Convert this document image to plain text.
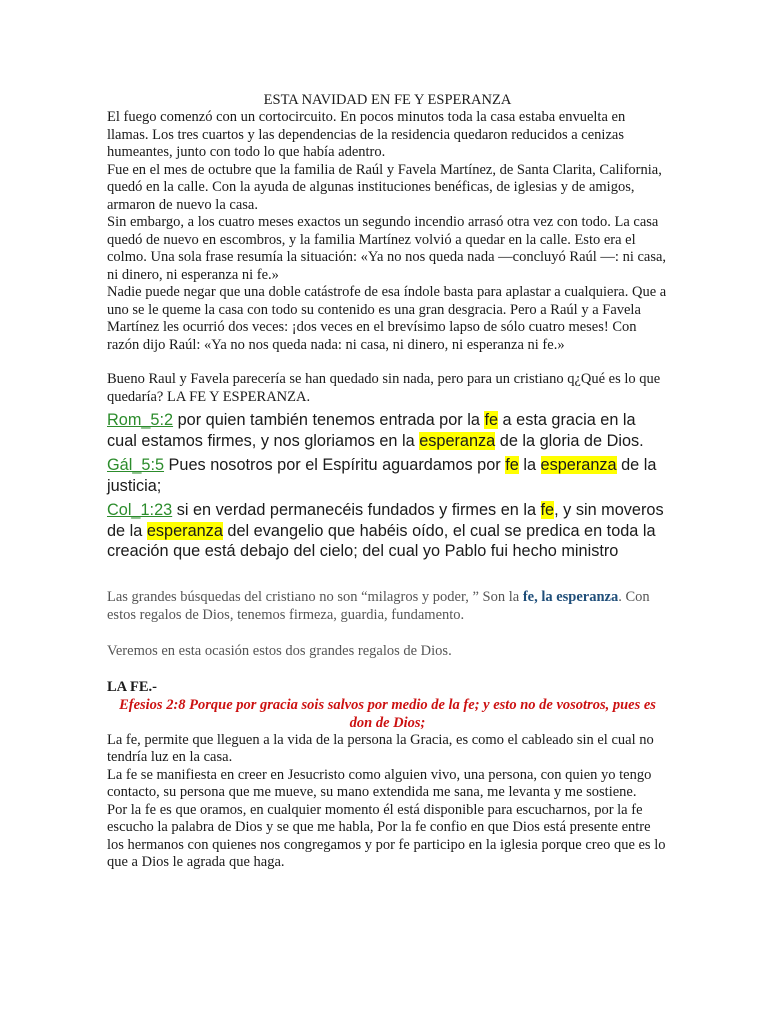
ESTA NAVIDAD EN FE Y ESPERANZA

El fuego comenzó con un cortocircuito. En pocos minutos toda la casa estaba envuelta en llamas. Los tres cuartos y las dependencias de la residencia quedaron reducidos a cenizas humeantes, junto con todo lo que había adentro.

Fue en el mes de octubre que la familia de Raúl y Favela Martínez, de Santa Clarita, California, quedó en la calle. Con la ayuda de algunas instituciones benéficas, de iglesias y de amigos, armaron de nuevo la casa.

Sin embargo, a los cuatro meses exactos un segundo incendio arrasó otra vez con todo. La casa quedó de nuevo en escombros, y la familia Martínez volvió a quedar en la calle. Esto era el colmo. Una sola frase resumía la situación: «Ya no nos queda nada —concluyó Raúl —: ni casa, ni dinero, ni esperanza ni fe.»

Nadie puede negar que una doble catástrofe de esa índole basta para aplastar a cualquiera. Que a uno se le queme la casa con todo su contenido es una gran desgracia. Pero a Raúl y a Favela Martínez les ocurrió dos veces: ¡dos veces en el brevísimo lapso de sólo cuatro meses! Con razón dijo Raúl: «Ya no nos queda nada: ni casa, ni dinero, ni esperanza ni fe.»

Bueno Raul y Favela parecería se han quedado sin nada, pero para un cristiano q¿Qué es lo que quedaría? LA FE Y ESPERANZA.

Rom_5:2 por quien también tenemos entrada por la fe a esta gracia en la cual estamos firmes, y nos gloriamos en la esperanza de la gloria de Dios.

Gál_5:5 Pues nosotros por el Espíritu aguardamos por fe la esperanza de la justicia;

Col_1:23 si en verdad permanecéis fundados y firmes en la fe, y sin moveros de la esperanza del evangelio que habéis oído, el cual se predica en toda la creación que está debajo del cielo; del cual yo Pablo fui hecho ministro

Las grandes búsquedas del cristiano no son “milagros y poder, ” Son la fe, la esperanza. Con estos regalos de Dios, tenemos firmeza, guardia, fundamento.

Veremos en esta ocasión estos dos grandes regalos de Dios.

LA FE.-

Efesios 2:8 Porque por gracia sois salvos por medio de la fe; y esto no de vosotros, pues es don de Dios;

La fe, permite que lleguen a la vida de la persona la Gracia, es como el cableado sin el cual no tendría luz en la casa.

La fe se manifiesta en creer en Jesucristo como alguien vivo, una persona, con quien yo tengo contacto, su persona que me mueve, su mano extendida me sana, me levanta y me sostiene.

Por la fe es que oramos, en cualquier momento él está disponible para escucharnos, por la fe escucho la palabra de Dios y se que me habla, Por la fe confio en que Dios está presente entre los hermanos con quienes nos congregamos y por fe participo en la iglesia porque creo que es lo que a Dios le agrada que haga.
